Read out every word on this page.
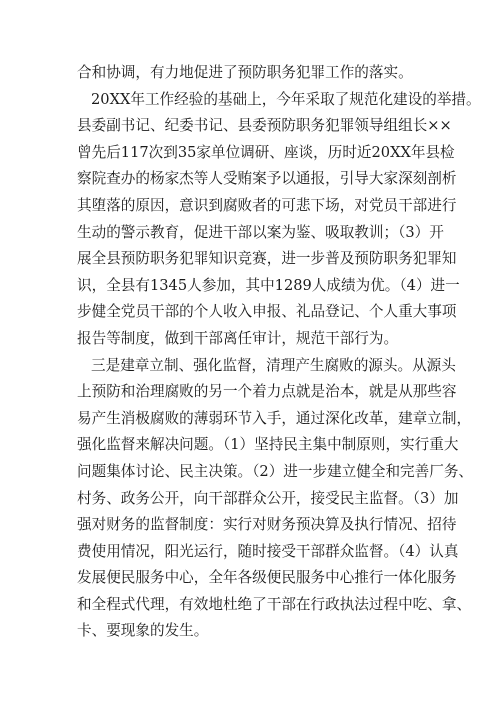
合和协调，有力地促进了预防职务犯罪工作的落实。
20XX年工作经验的基础上，今年采取了规范化建设的举措。
县委副书记、纪委书记、县委预防职务犯罪领导组组长××
曾先后117次到35家单位调研、座谈，历时近20XX年县检
察院查办的杨家杰等人受贿案予以通报，引导大家深刻剖析
其堕落的原因，意识到腐败者的可悲下场，对党员干部进行
生动的警示教育，促进干部以案为鉴、吸取教训；（3）开
展全县预防职务犯罪知识竞赛，进一步普及预防职务犯罪知
识，全县有1345人参加，其中1289人成绩为优。（4）进一
步健全党员干部的个人收入申报、礼品登记、个人重大事项
报告等制度，做到干部离任审计，规范干部行为。
三是建章立制、强化监督，清理产生腐败的源头。从源头
上预防和治理腐败的另一个着力点就是治本，就是从那些容
易产生消极腐败的薄弱环节入手，通过深化改革，建章立制，
强化监督来解决问题。（1）坚持民主集中制原则，实行重大
问题集体讨论、民主决策。（2）进一步建立健全和完善厂务、
村务、政务公开，向干部群众公开，接受民主监督。（3）加
强对财务的监督制度：实行对财务预决算及执行情况、招待
费使用情况，阳光运行，随时接受干部群众监督。（4）认真
发展便民服务中心，全年各级便民服务中心推行一体化服务
和全程式代理，有效地杜绝了干部在行政执法过程中吃、拿、
卡、要现象的发生。
